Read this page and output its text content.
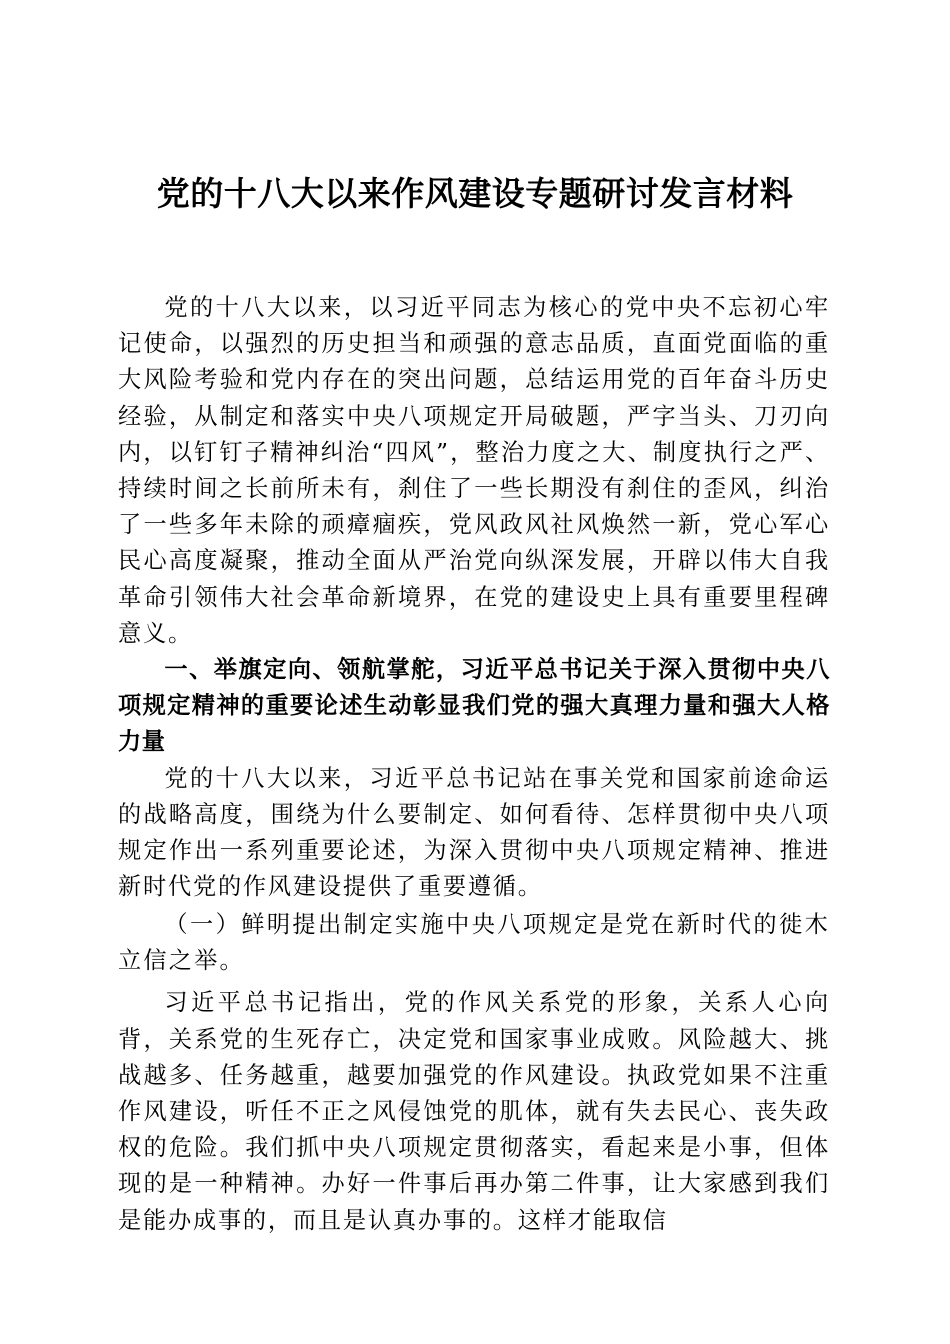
党的十八大以来作风建设专题研讨发言材料

党的十八大以来，以习近平同志为核心的党中央不忘初心牢记使命，以强烈的历史担当和顽强的意志品质，直面党面临的重大风险考验和党内存在的突出问题，总结运用党的百年奋斗历史经验，从制定和落实中央八项规定开局破题，严字当头、刀刃向内，以钉钉子精神纠治“四风”，整治力度之大、制度执行之严、持续时间之长前所未有，刹住了一些长期没有刹住的歪风，纠治了一些多年未除的顽瘴痼疾，党风政风社风焕然一新，党心军心民心高度凝聚，推动全面从严治党向纵深发展，开辟以伟大自我革命引领伟大社会革命新境界，在党的建设史上具有重要里程碑意义。

一、举旗定向、领航掌舵，习近平总书记关于深入贯彻中央八项规定精神的重要论述生动彰显我们党的强大真理力量和强大人格力量

党的十八大以来，习近平总书记站在事关党和国家前途命运的战略高度，围绕为什么要制定、如何看待、怎样贯彻中央八项规定作出一系列重要论述，为深入贯彻中央八项规定精神、推进新时代党的作风建设提供了重要遵循。

（一）鲜明提出制定实施中央八项规定是党在新时代的徙木立信之举。

习近平总书记指出，党的作风关系党的形象，关系人心向背，关系党的生死存亡，决定党和国家事业成败。风险越大、挑战越多、任务越重，越要加强党的作风建设。执政党如果不注重作风建设，听任不正之风侵蚀党的肌体，就有失去民心、丧失政权的危险。我们抓中央八项规定贯彻落实，看起来是小事，但体现的是一种精神。办好一件事后再办第二件事，让大家感到我们是能办成事的，而且是认真办事的。这样才能取信
